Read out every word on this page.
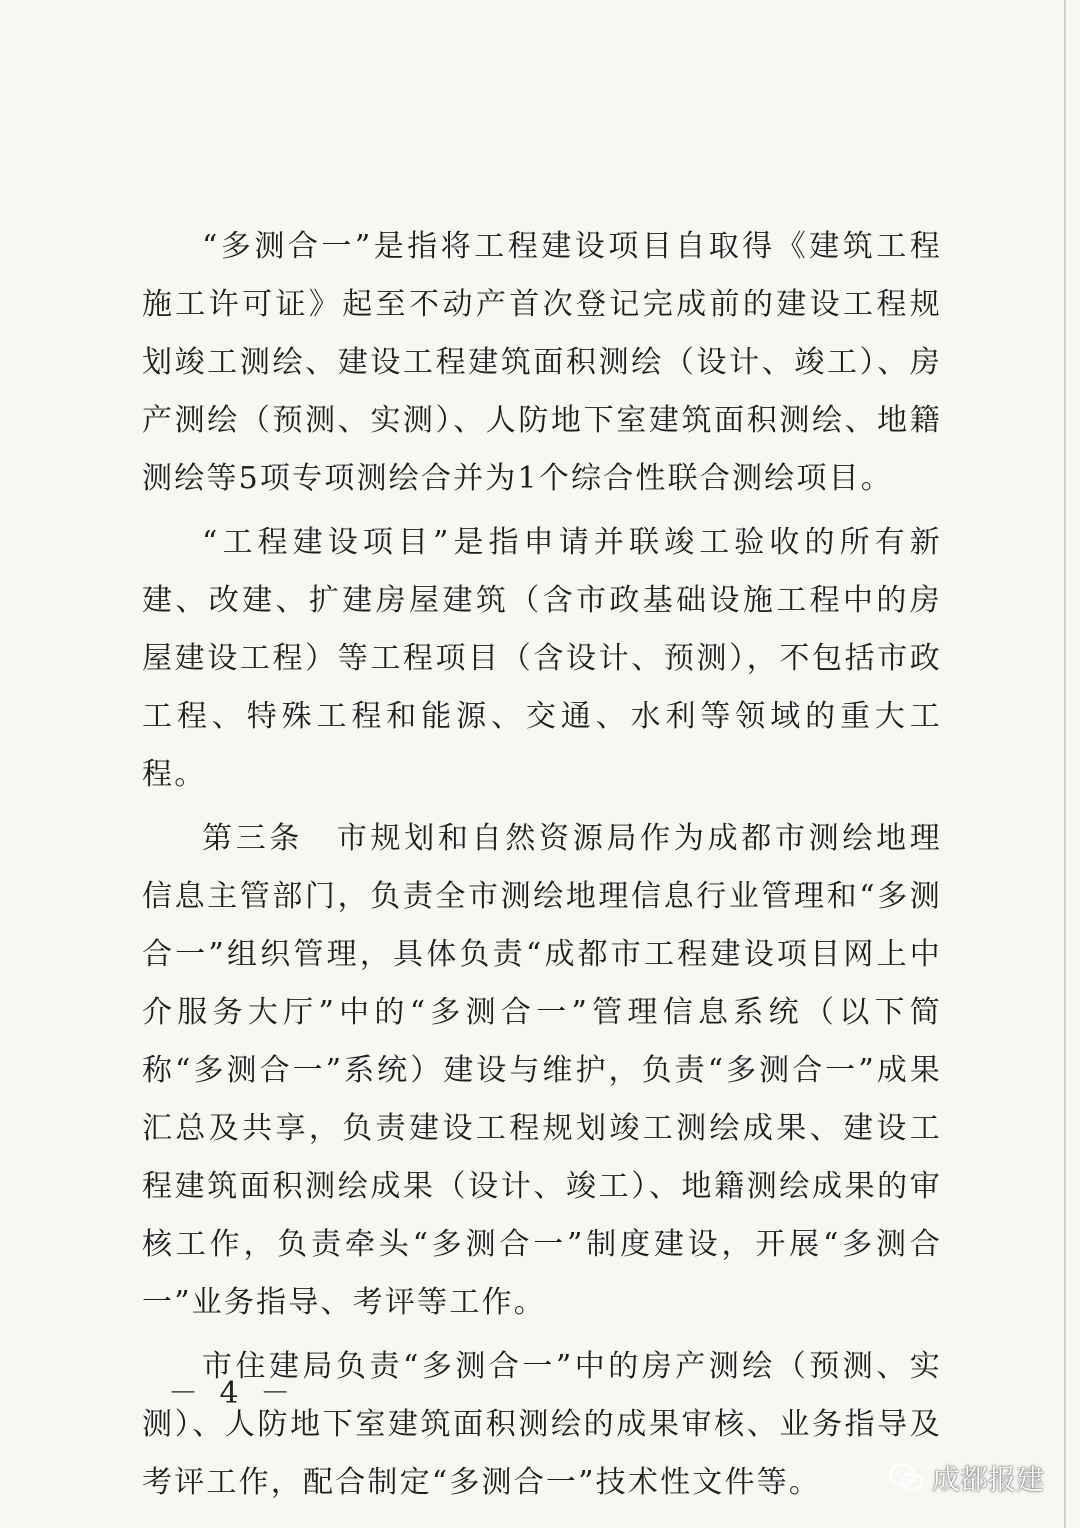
“多测合一”是指将工程建设项目自取得《建筑工程施工许可证》起至不动产首次登记完成前的建设工程规划竣工测绘、建设工程建筑面积测绘（设计、竣工）、房产测绘（预测、实测）、人防地下室建筑面积测绘、地籍测绘等5项专项测绘合并为1个综合性联合测绘项目。

“工程建设项目”是指申请并联竣工验收的所有新建、改建、扩建房屋建筑（含市政基础设施工程中的房屋建设工程）等工程项目（含设计、预测），不包括市政工程、特殊工程和能源、交通、水利等领域的重大工程。

第三条　市规划和自然资源局作为成都市测绘地理信息主管部门，负责全市测绘地理信息行业管理和“多测合一”组织管理，具体负责“成都市工程建设项目网上中介服务大厅”中的“多测合一”管理信息系统（以下简称“多测合一”系统）建设与维护，负责“多测合一”成果汇总及共享，负责建设工程规划竣工测绘成果、建设工程建筑面积测绘成果（设计、竣工）、地籍测绘成果的审核工作，负责牵头“多测合一”制度建设，开展“多测合一”业务指导、考评等工作。

市住建局负责“多测合一”中的房产测绘（预测、实测）、人防地下室建筑面积测绘的成果审核、业务指导及考评工作，配合制定“多测合一”技术性文件等。

－ 4 －
成都报建
